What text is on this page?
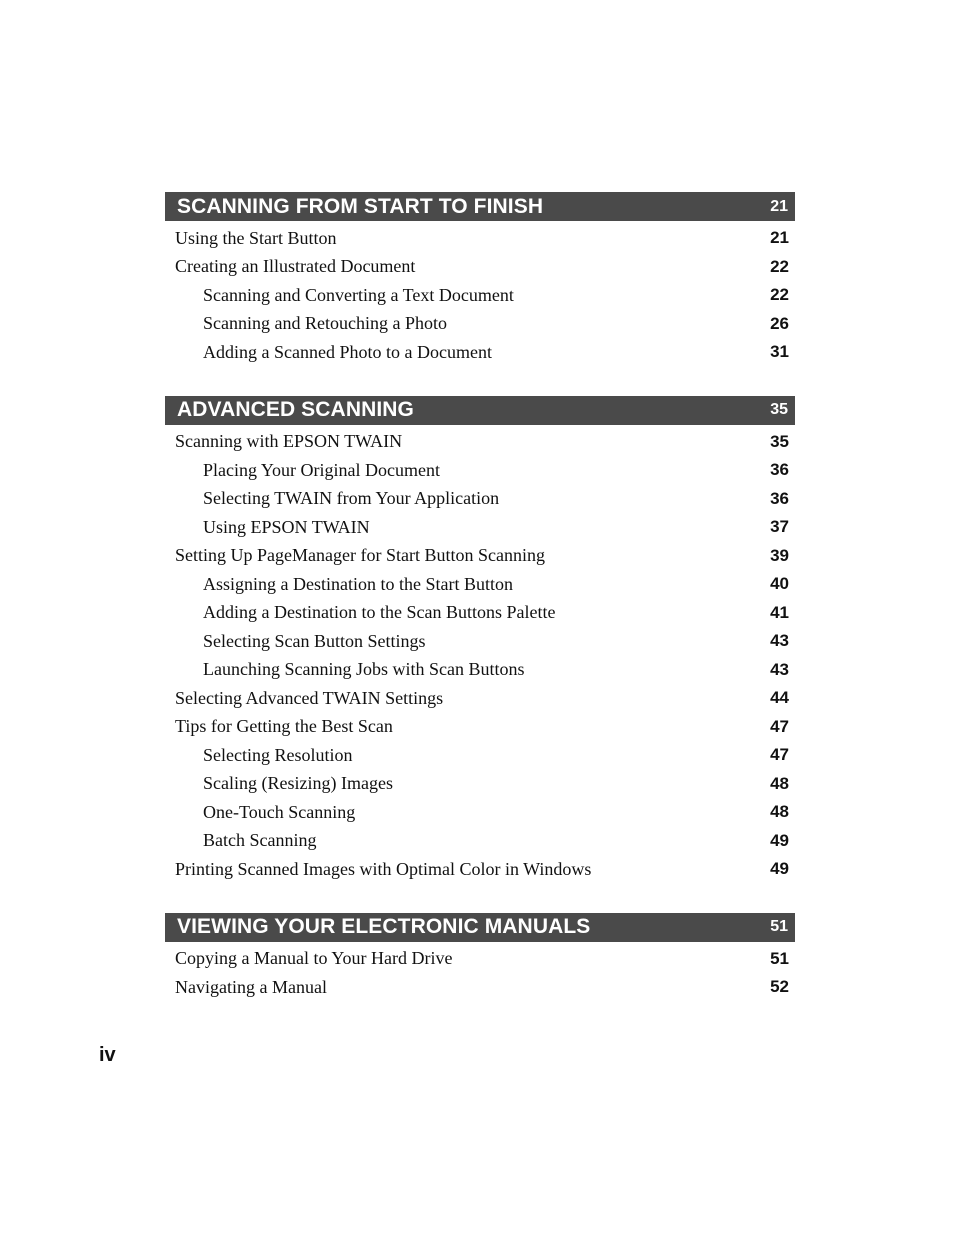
SCANNING FROM START TO FINISH	21
Using the Start Button	21
Creating an Illustrated Document	22
Scanning and Converting a Text Document	22
Scanning and Retouching a Photo	26
Adding a Scanned Photo to a Document	31
ADVANCED SCANNING	35
Scanning with EPSON TWAIN	35
Placing Your Original Document	36
Selecting TWAIN from Your Application	36
Using EPSON TWAIN	37
Setting Up PageManager for Start Button Scanning	39
Assigning a Destination to the Start Button	40
Adding a Destination to the Scan Buttons Palette	41
Selecting Scan Button Settings	43
Launching Scanning Jobs with Scan Buttons	43
Selecting Advanced TWAIN Settings	44
Tips for Getting the Best Scan	47
Selecting Resolution	47
Scaling (Resizing) Images	48
One-Touch Scanning	48
Batch Scanning	49
Printing Scanned Images with Optimal Color in Windows	49
VIEWING YOUR ELECTRONIC MANUALS	51
Copying a Manual to Your Hard Drive	51
Navigating a Manual	52
iv
